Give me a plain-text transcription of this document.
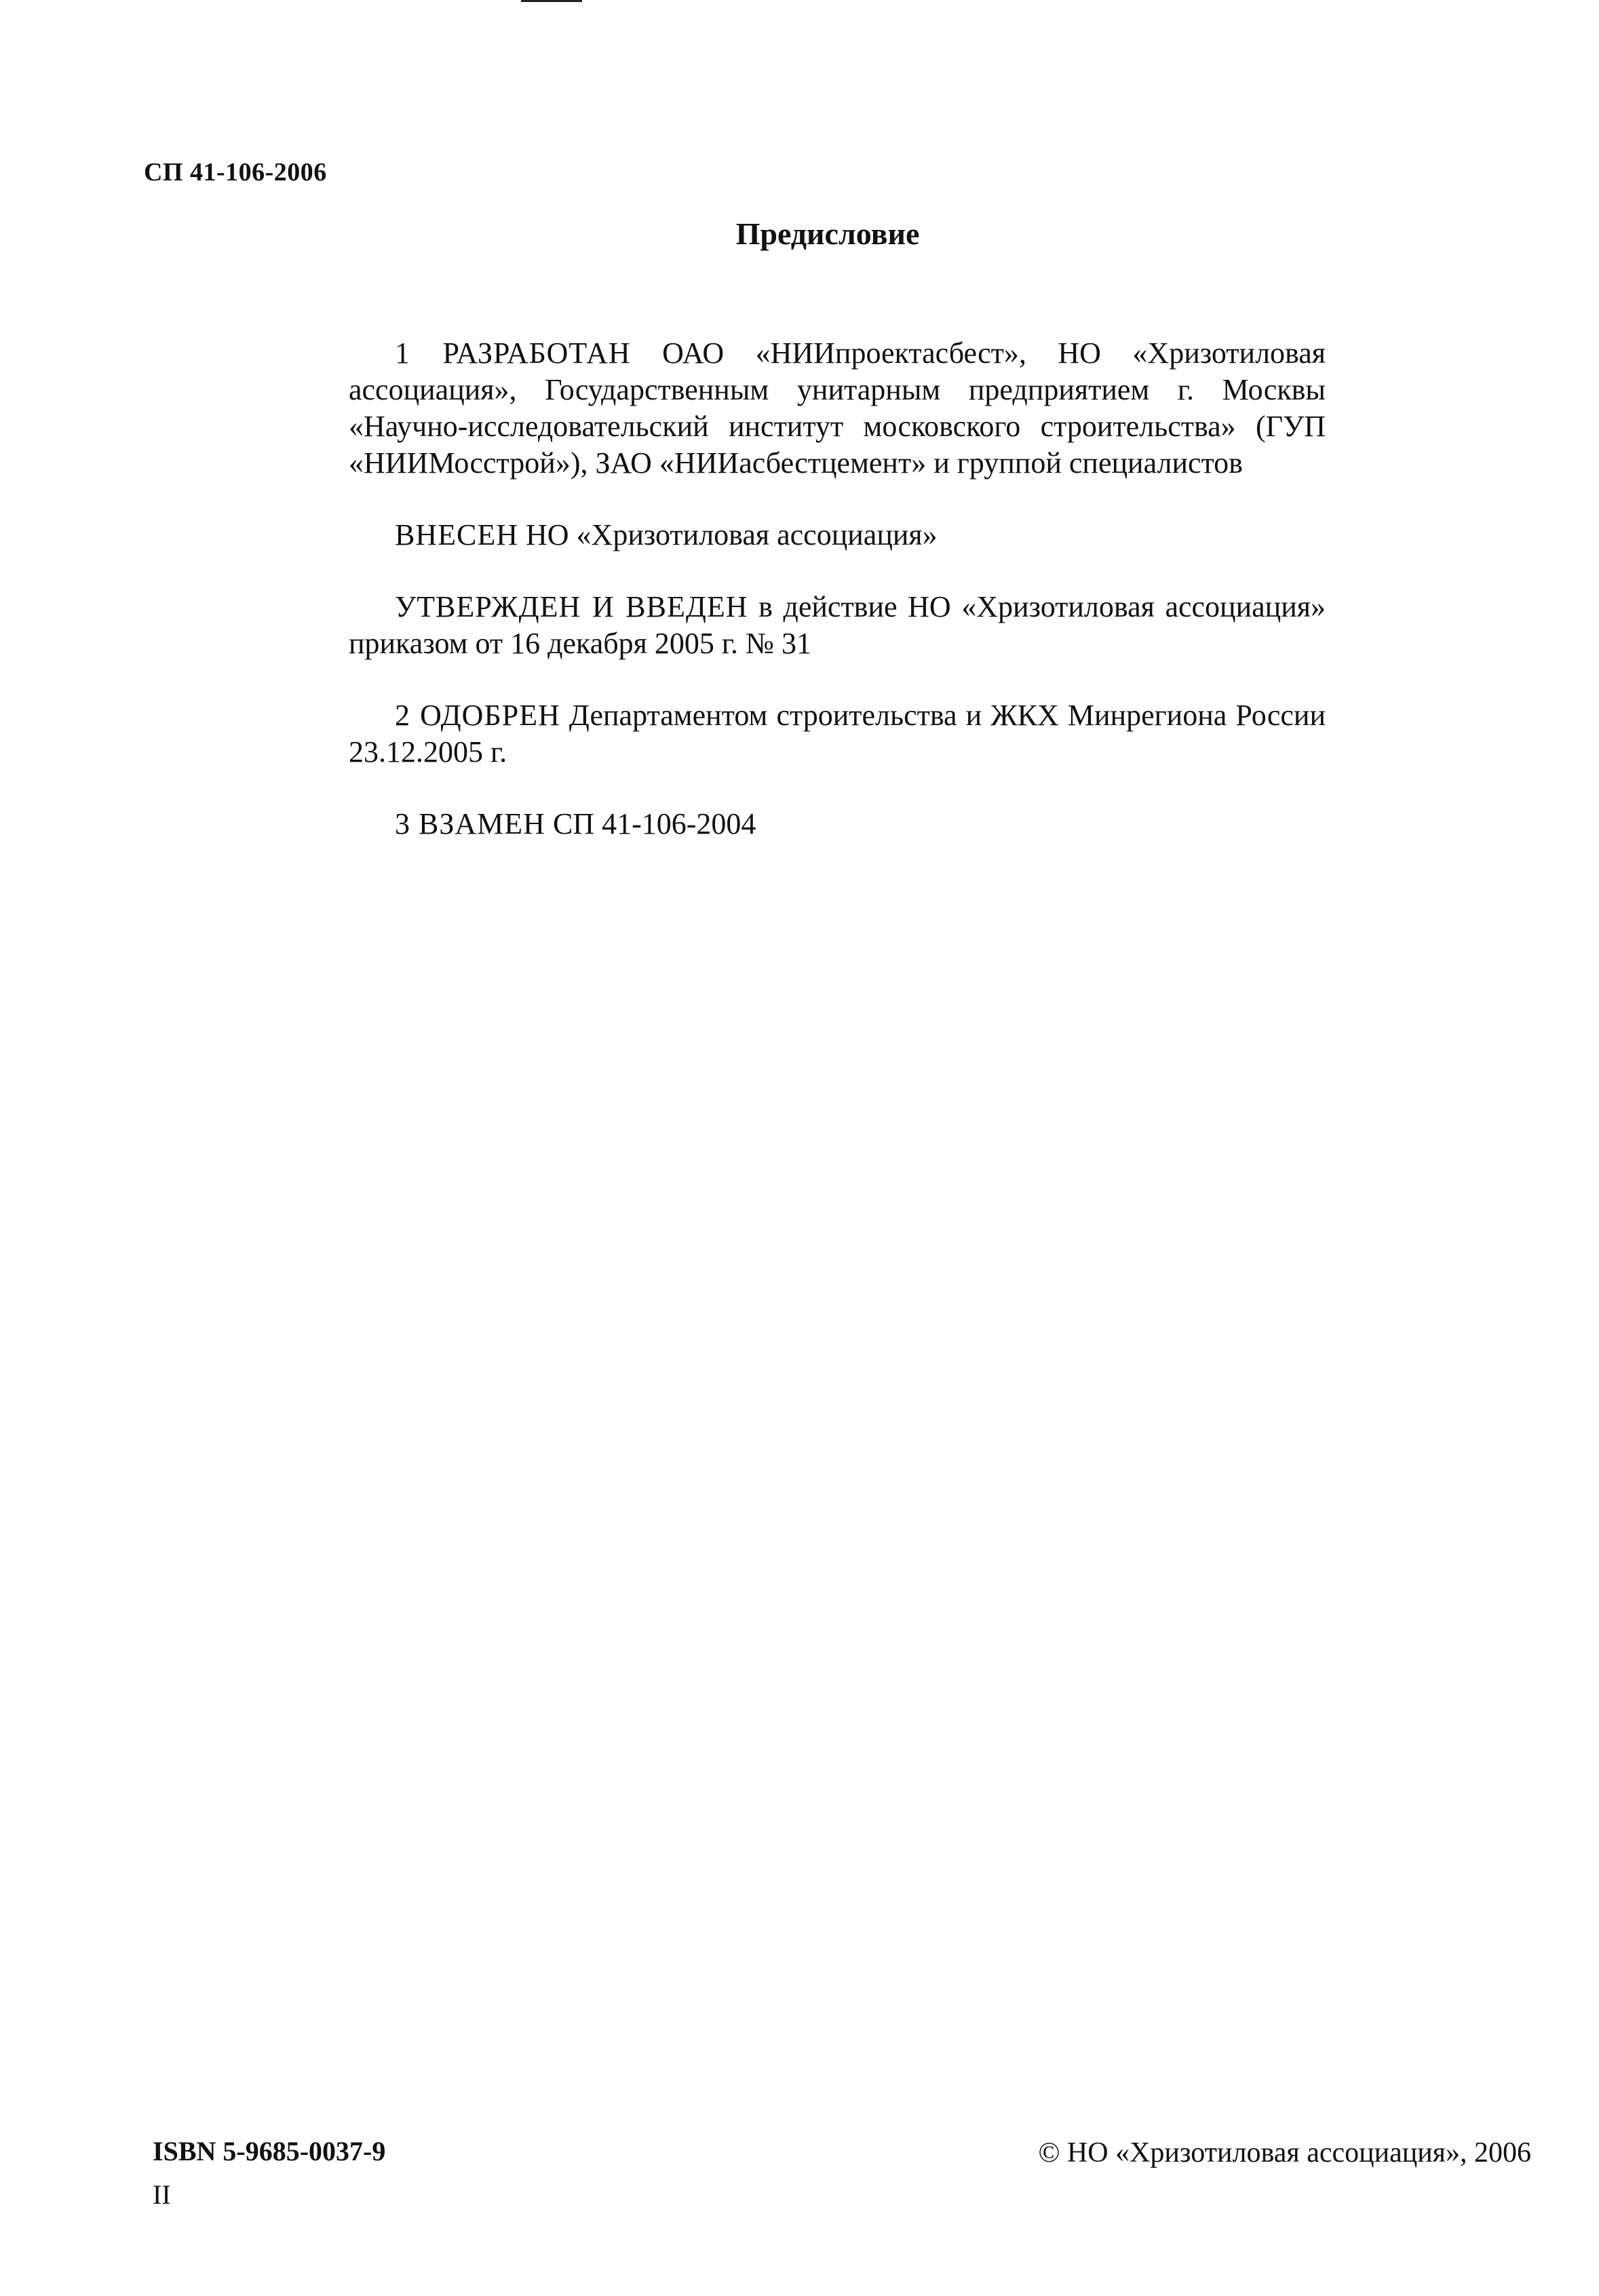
СП 41-106-2006
Предисловие

1 РАЗРАБОТАН ОАО «НИИпроектасбест», НО «Хризотиловая ассоциация», Государственным унитарным предприятием г. Москвы «Научно-исследовательский институт московского строительства» (ГУП «НИИМосстрой»), ЗАО «НИИасбестцемент» и группой специалистов

ВНЕСЕН НО «Хризотиловая ассоциация»

УТВЕРЖДЕН И ВВЕДЕН в действие НО «Хризотиловая ассоциация» приказом от 16 декабря 2005 г. № 31

2 ОДОБРЕН Департаментом строительства и ЖКХ Минрегиона России 23.12.2005 г.

3 ВЗАМЕН СП 41-106-2004

ISBN 5-9685-0037-9	© НО «Хризотиловая ассоциация», 2006
II
